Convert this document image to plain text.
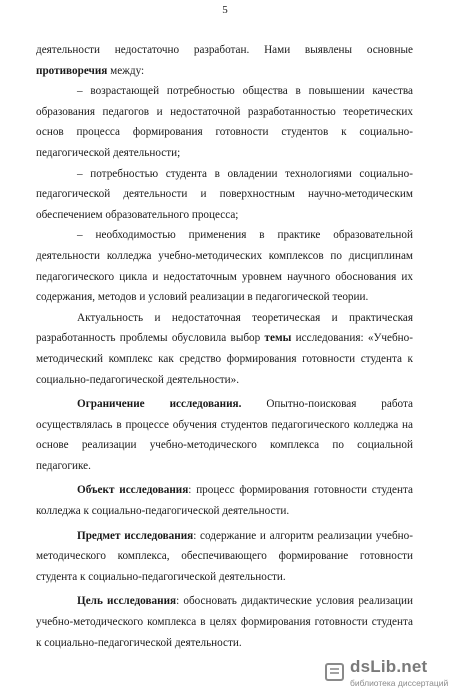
5

деятельности недостаточно разработан. Нами выявлены основные противоречия между:

– возрастающей потребностью общества в повышении качества образования педагогов и недостаточной разработанностью теоретических основ процесса формирования готовности студентов к социально-педагогической деятельности;

– потребностью студента в овладении технологиями социально-педагогической деятельности и поверхностным научно-методическим обеспечением образовательного процесса;

– необходимостью применения в практике образовательной деятельности колледжа учебно-методических комплексов по дисциплинам педагогического цикла и недостаточным уровнем научного обоснования их содержания, методов и условий реализации в педагогической теории.

Актуальность и недостаточная теоретическая и практическая разработанность проблемы обусловила выбор темы исследования: «Учебно-методический комплекс как средство формирования готовности студента к социально-педагогической деятельности».

Ограничение исследования. Опытно-поисковая работа осуществлялась в процессе обучения студентов педагогического колледжа на основе реализации учебно-методического комплекса по социальной педагогике.

Объект исследования: процесс формирования готовности студента колледжа к социально-педагогической деятельности.

Предмет исследования: содержание и алгоритм реализации учебно-методического комплекса, обеспечивающего формирование готовности студента к социально-педагогической деятельности.

Цель исследования: обосновать дидактические условия реализации учебно-методического комплекса в целях формирования готовности студента к социально-педагогической деятельности.

dsLib.net
библиотека диссертаций
